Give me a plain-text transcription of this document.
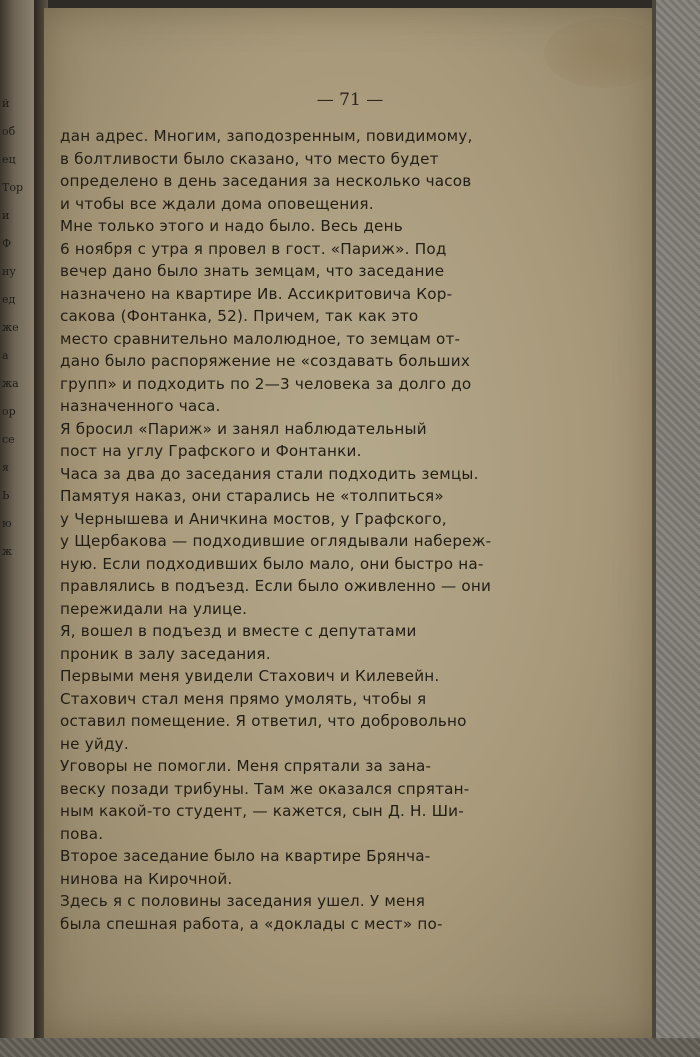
й
об
ец
Тор
и
Ф
ну
ед
же
а
жа
ор
се
я
Ь
ю
ж
— 71 —
дан адрес. Многим, заподозренным, повидимому,
в болтливости было сказано, что место будет
определено в день заседания за несколько часов
и чтобы все ждали дома оповещения.
Мне только этого и надо было. Весь день
6 ноября с утра я провел в гост. «Париж». Под
вечер дано было знать земцам, что заседание
назначено на квартире Ив. Ассикритовича Кор-
сакова (Фонтанка, 52). Причем, так как это
место сравнительно малолюдное, то земцам от-
дано было распоряжение не «создавать больших
групп» и подходить по 2—3 человека за долго до
назначенного часа.
Я бросил «Париж» и занял наблюдательный
пост на углу Графского и Фонтанки.
Часа за два до заседания стали подходить земцы.
Памятуя наказ, они старались не «толпиться»
у Чернышева и Аничкина мостов, у Графского,
у Щербакова — подходившие оглядывали набереж-
ную. Если подходивших было мало, они быстро на-
правлялись в подъезд. Если было оживленно — они
пережидали на улице.
Я, вошел в подъезд и вместе с депутатами
проник в залу заседания.
Первыми меня увидели Стахович и Килевейн.
Стахович стал меня прямо умолять, чтобы я
оставил помещение. Я ответил, что добровольно
не уйду.
Уговоры не помогли. Меня спрятали за зана-
веску позади трибуны. Там же оказался спрятан-
ным какой-то студент, — кажется, сын Д. Н. Ши-
пова.
Второе заседание было на квартире Брянча-
нинова на Кирочной.
Здесь я с половины заседания ушел. У меня
была спешная работа, а «доклады с мест» по-
